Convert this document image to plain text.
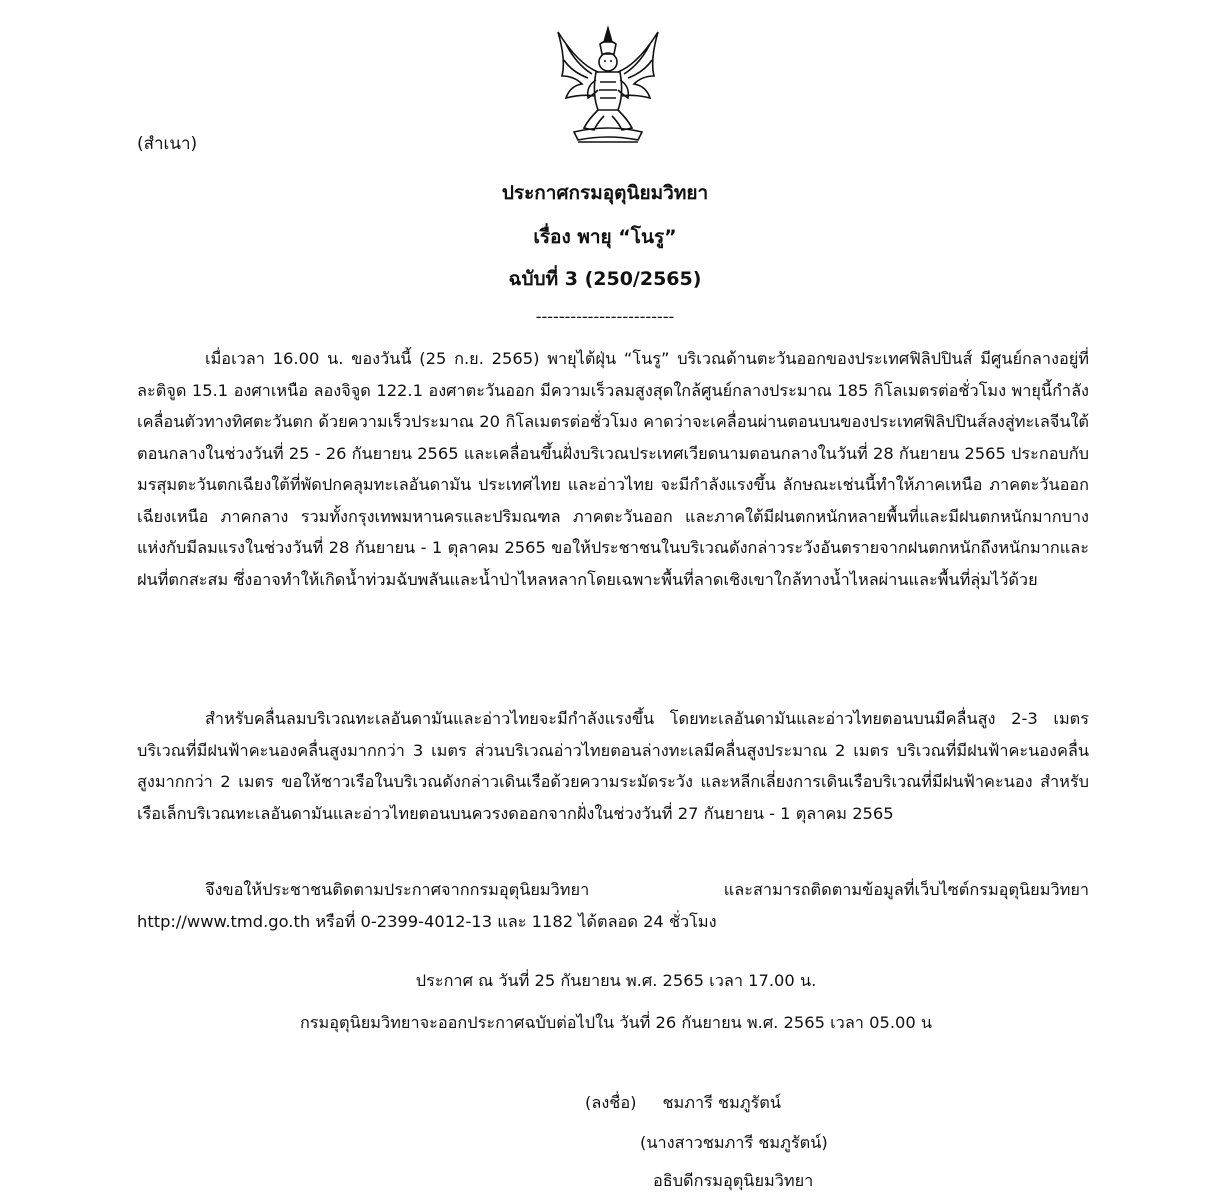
(สำเนา)
ประกาศกรมอุตุนิยมวิทยา
เรื่อง พายุ “โนรู”
ฉบับที่ 3 (250/2565)
------------------------

เมื่อเวลา 16.00 น. ของวันนี้ (25 ก.ย. 2565) พายุไต้ฝุ่น “โนรู” บริเวณด้านตะวันออกของประเทศฟิลิปปินส์ มีศูนย์กลางอยู่ที่ละติจูด 15.1 องศาเหนือ ลองจิจูด 122.1 องศาตะวันออก มีความเร็วลมสูงสุดใกล้ศูนย์กลางประมาณ 185 กิโลเมตรต่อชั่วโมง พายุนี้กำลังเคลื่อนตัวทางทิศตะวันตก ด้วยความเร็วประมาณ 20 กิโลเมตรต่อชั่วโมง คาดว่าจะเคลื่อนผ่านตอนบนของประเทศฟิลิปปินส์ลงสู่ทะเลจีนใต้ตอนกลางในช่วงวันที่ 25 - 26 กันยายน 2565 และเคลื่อนขึ้นฝั่งบริเวณประเทศเวียดนามตอนกลางในวันที่ 28 กันยายน 2565 ประกอบกับมรสุมตะวันตกเฉียงใต้ที่พัดปกคลุมทะเลอันดามัน ประเทศไทย และอ่าวไทย จะมีกำลังแรงขึ้น ลักษณะเช่นนี้ทำให้ภาคเหนือ ภาคตะวันออกเฉียงเหนือ ภาคกลาง รวมทั้งกรุงเทพมหานครและปริมณฑล ภาคตะวันออก และภาคใต้มีฝนตกหนักหลายพื้นที่และมีฝนตกหนักมากบางแห่งกับมีลมแรงในช่วงวันที่ 28 กันยายน - 1 ตุลาคม 2565 ขอให้ประชาชนในบริเวณดังกล่าวระวังอันตรายจากฝนตกหนักถึงหนักมากและฝนที่ตกสะสม ซึ่งอาจทำให้เกิดน้ำท่วมฉับพลันและน้ำป่าไหลหลากโดยเฉพาะพื้นที่ลาดเชิงเขาใกล้ทางน้ำไหลผ่านและพื้นที่ลุ่มไว้ด้วย

สำหรับคลื่นลมบริเวณทะเลอันดามันและอ่าวไทยจะมีกำลังแรงขึ้น โดยทะเลอันดามันและอ่าวไทยตอนบนมีคลื่นสูง 2-3 เมตร บริเวณที่มีฝนฟ้าคะนองคลื่นสูงมากกว่า 3 เมตร ส่วนบริเวณอ่าวไทยตอนล่างทะเลมีคลื่นสูงประมาณ 2 เมตร บริเวณที่มีฝนฟ้าคะนองคลื่นสูงมากกว่า 2 เมตร ขอให้ชาวเรือในบริเวณดังกล่าวเดินเรือด้วยความระมัดระวัง และหลีกเลี่ยงการเดินเรือบริเวณที่มีฝนฟ้าคะนอง สำหรับเรือเล็กบริเวณทะเลอันดามันและอ่าวไทยตอนบนควรงดออกจากฝั่งในช่วงวันที่ 27 กันยายน - 1 ตุลาคม 2565

จึงขอให้ประชาชนติดตามประกาศจากกรมอุตุนิยมวิทยา และสามารถติดตามข้อมูลที่เว็บไซต์กรมอุตุนิยมวิทยา http://www.tmd.go.th หรือที่ 0-2399-4012-13 และ 1182 ได้ตลอด 24 ชั่วโมง

ประกาศ ณ วันที่ 25 กันยายน พ.ศ. 2565 เวลา 17.00 น.
กรมอุตุนิยมวิทยาจะออกประกาศฉบับต่อไปใน วันที่ 26 กันยายน พ.ศ. 2565 เวลา 05.00 น
(ลงชื่อ) ชมภารี ชมภูรัตน์
(นางสาวชมภารี ชมภูรัตน์)
อธิบดีกรมอุตุนิยมวิทยา
